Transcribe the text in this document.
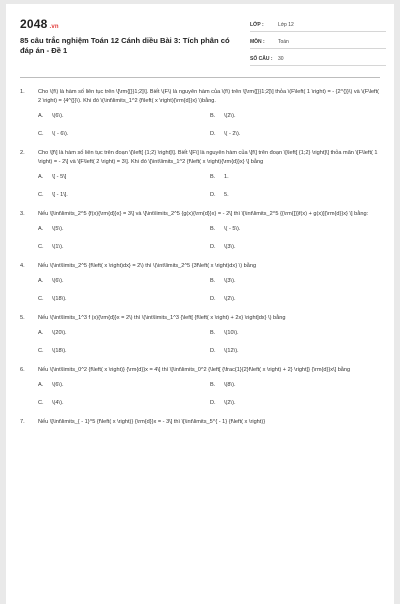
2048 .vn
85 câu trắc nghiệm Toán 12 Cánh diều Bài 3: Tích phân có đáp án - Đề 1
LỚP :	Lớp 12
MÔN :	Toán
SỐ CÂU :	30
1.	Cho \(f\) là hàm số liên tục trên \[\rm{[}}1;2]\]. Biết \(F\) là nguyên hàm của \(f\) trên \[\rm{[}}1;2]\] thỏa \(F\left( 1 \right) = - {2^{}}\) và \(F\left( 2 \right) = {4^{}}\). Khi đó \(\int\limits_1^2 {f\left( x \right){\rm{d}}x} \)bằng.
A.	\(6\).	B.	\(2\).
C.	\( - 6\).	D.	\( - 2\).
2.	Cho \[f\] là hàm số liên tục trên đoạn \[\left[ {1;2} \right]\]. Biết \[F\] là nguyên hàm của \[f\] trên đoạn \[\left[ {1;2} \right]\] thỏa mãn \[F\left( 1 \right) = - 2\] và \[F\left( 2 \right) = 3\]. Khi đó \[\int\limits_1^2 {f\left( x \right){\rm{d}}x} \] bằng
A.	\[ - 5\]	B.	1.
C.	\[ - 1\].	D.	5.
3.	Nếu \[\int\limits_2^5 {f(x){\rm{d}}x} = 3\] và \[\int\limits_2^5 {g(x){\rm{d}}x} = - 2\] thì \[\int\limits_2^5 {{\rm{[}}f(x) + g(x)]{\rm{d}}x} \] bằng:
A.	\(5\).	B.	\( - 5\).
C.	\(1\).	D.	\(3\).
4.	Nếu \(\int\limits_2^5 {f\left( x \right)dx} = 2\) thì \(\int\limits_2^5 {3f\left( x \right)dx} \) bằng
A.	\(6\).	B.	\(3\).
C.	\(18\).	D.	\(2\).
5.	Nếu \(\int\limits_1^3 f (x){\rm{d}}x = 2\) thì \(\int\limits_1^3 {\left[ {f\left( x \right) + 2x} \right]dx} \) bằng
A.	\(20\).	B.	\(10\).
C.	\(18\).	D.	\(12\).
6.	Nếu \(\int\limits_0^2 {f\left( x \right)} {\rm{d}}x = 4\] thì \[\int\limits_0^2 {\left[ {\frac{1}{2}f\left( x \right) + 2} \right]} {\rm{d}}x\] bằng
A.	\(6\).	B.	\(8\).
C.	\(4\).	D.	\(2\).
7.	Nếu \[\int\limits_{ - 1}^5 {f\left( x \right)} {\rm{d}}x = - 3\] thì \[\int\limits_5^{ - 1} {f\left( x \right)}
